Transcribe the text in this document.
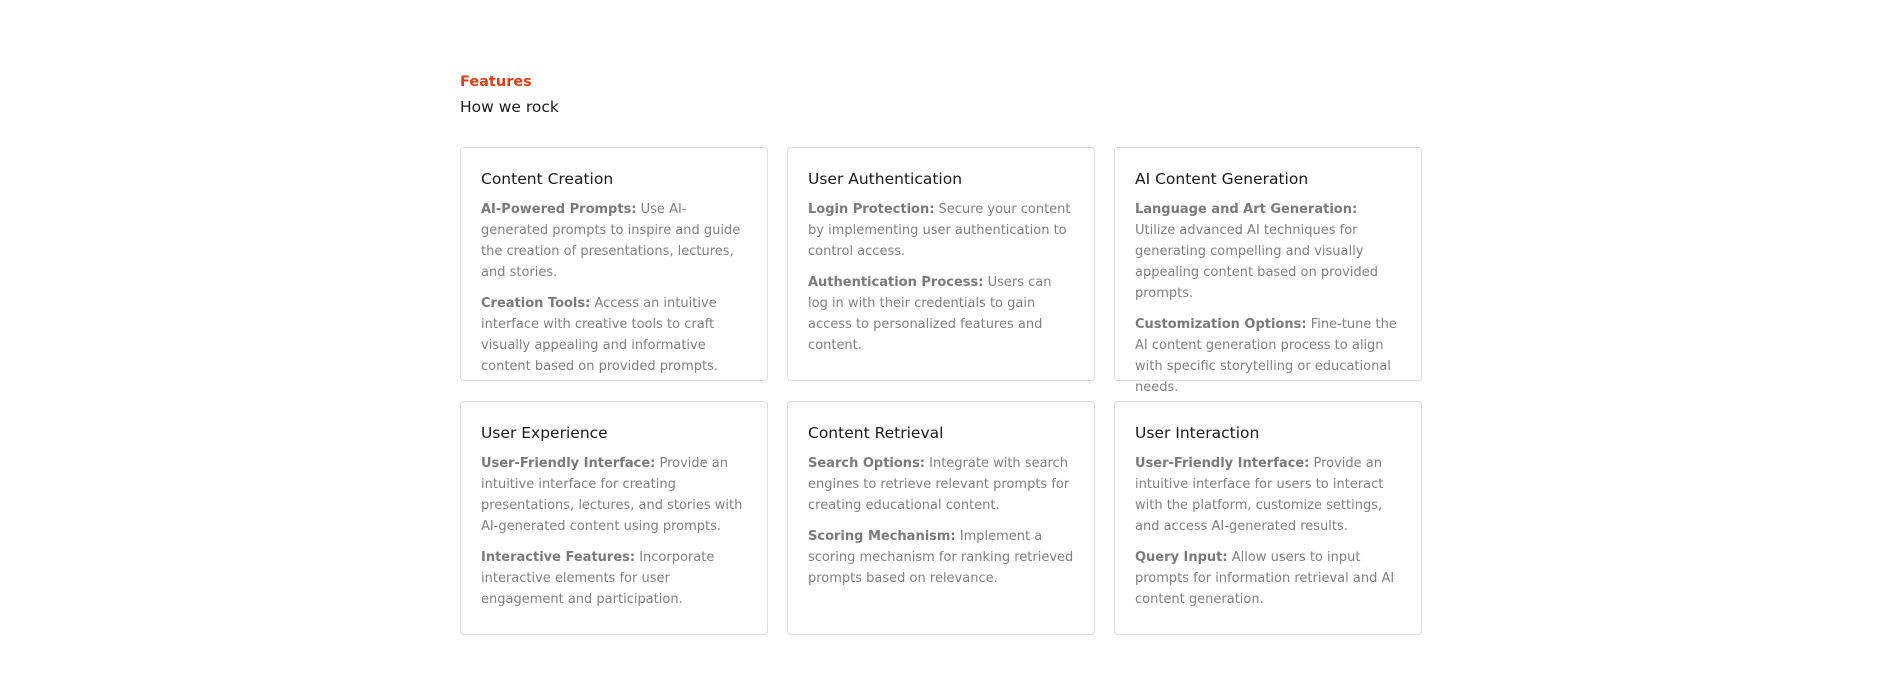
Features
How we rock
Content Creation

AI-Powered Prompts: Use AI-generated prompts to inspire and guide the creation of presentations, lectures, and stories.

Creation Tools: Access an intuitive interface with creative tools to craft visually appealing and informative content based on provided prompts.

User Authentication

Login Protection: Secure your content by implementing user authentication to control access.

Authentication Process: Users can log in with their credentials to gain access to personalized features and content.

AI Content Generation

Language and Art Generation: Utilize advanced AI techniques for generating compelling and visually appealing content based on provided prompts.

Customization Options: Fine-tune the AI content generation process to align with specific storytelling or educational needs.

User Experience

User-Friendly Interface: Provide an intuitive interface for creating presentations, lectures, and stories with AI-generated content using prompts.

Interactive Features: Incorporate interactive elements for user engagement and participation.

Content Retrieval

Search Options: Integrate with search engines to retrieve relevant prompts for creating educational content.

Scoring Mechanism: Implement a scoring mechanism for ranking retrieved prompts based on relevance.

User Interaction

User-Friendly Interface: Provide an intuitive interface for users to interact with the platform, customize settings, and access AI-generated results.

Query Input: Allow users to input prompts for information retrieval and AI content generation.
